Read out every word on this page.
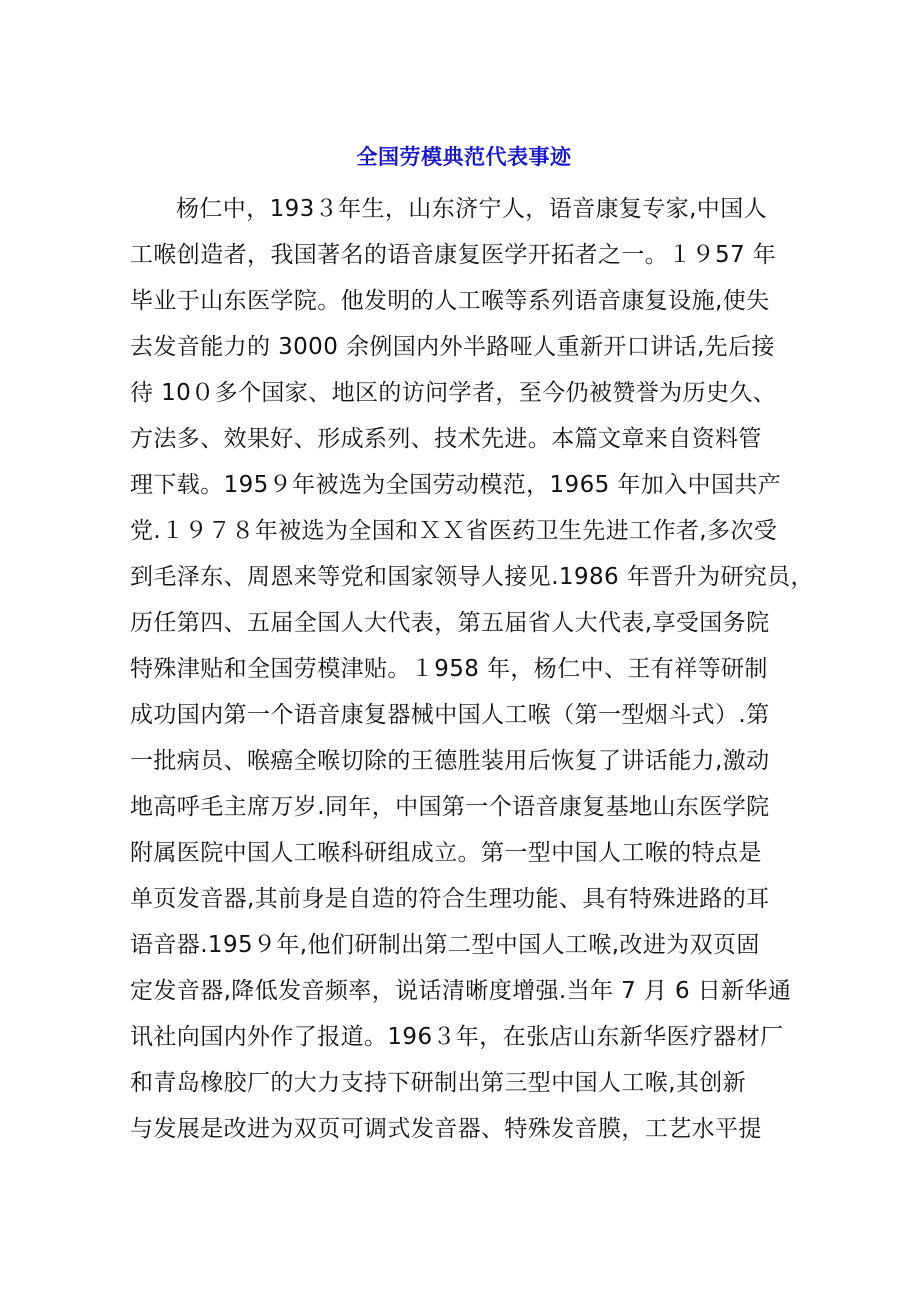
全国劳模典范代表事迹
杨仁中，193３年生，山东济宁人，语音康复专家,中国人
工喉创造者，我国著名的语音康复医学开拓者之一。１９57 年
毕业于山东医学院。他发明的人工喉等系列语音康复设施,使失
去发音能力的 3000 余例国内外半路哑人重新开口讲话,先后接
待 10０多个国家、地区的访问学者，至今仍被赞誉为历史久、
方法多、效果好、形成系列、技术先进。本篇文章来自资料管
理下载。195９年被选为全国劳动模范，1965 年加入中国共产
党.１９７８年被选为全国和ＸＸ省医药卫生先进工作者,多次受
到毛泽东、周恩来等党和国家领导人接见.1986 年晋升为研究员，
历任第四、五届全国人大代表，第五届省人大代表,享受国务院
特殊津贴和全国劳模津贴。１958 年，杨仁中、王有祥等研制
成功国内第一个语音康复器械中国人工喉（第一型烟斗式）.第
一批病员、喉癌全喉切除的王德胜装用后恢复了讲话能力,激动
地高呼毛主席万岁.同年，中国第一个语音康复基地山东医学院
附属医院中国人工喉科研组成立。第一型中国人工喉的特点是
单页发音器,其前身是自造的符合生理功能、具有特殊进路的耳
语音器.195９年,他们研制出第二型中国人工喉,改进为双页固
定发音器,降低发音频率，说话清晰度增强.当年 7 月 6 日新华通
讯社向国内外作了报道。196３年，在张店山东新华医疗器材厂
和青岛橡胶厂的大力支持下研制出第三型中国人工喉,其创新
与发展是改进为双页可调式发音器、特殊发音膜，工艺水平提
